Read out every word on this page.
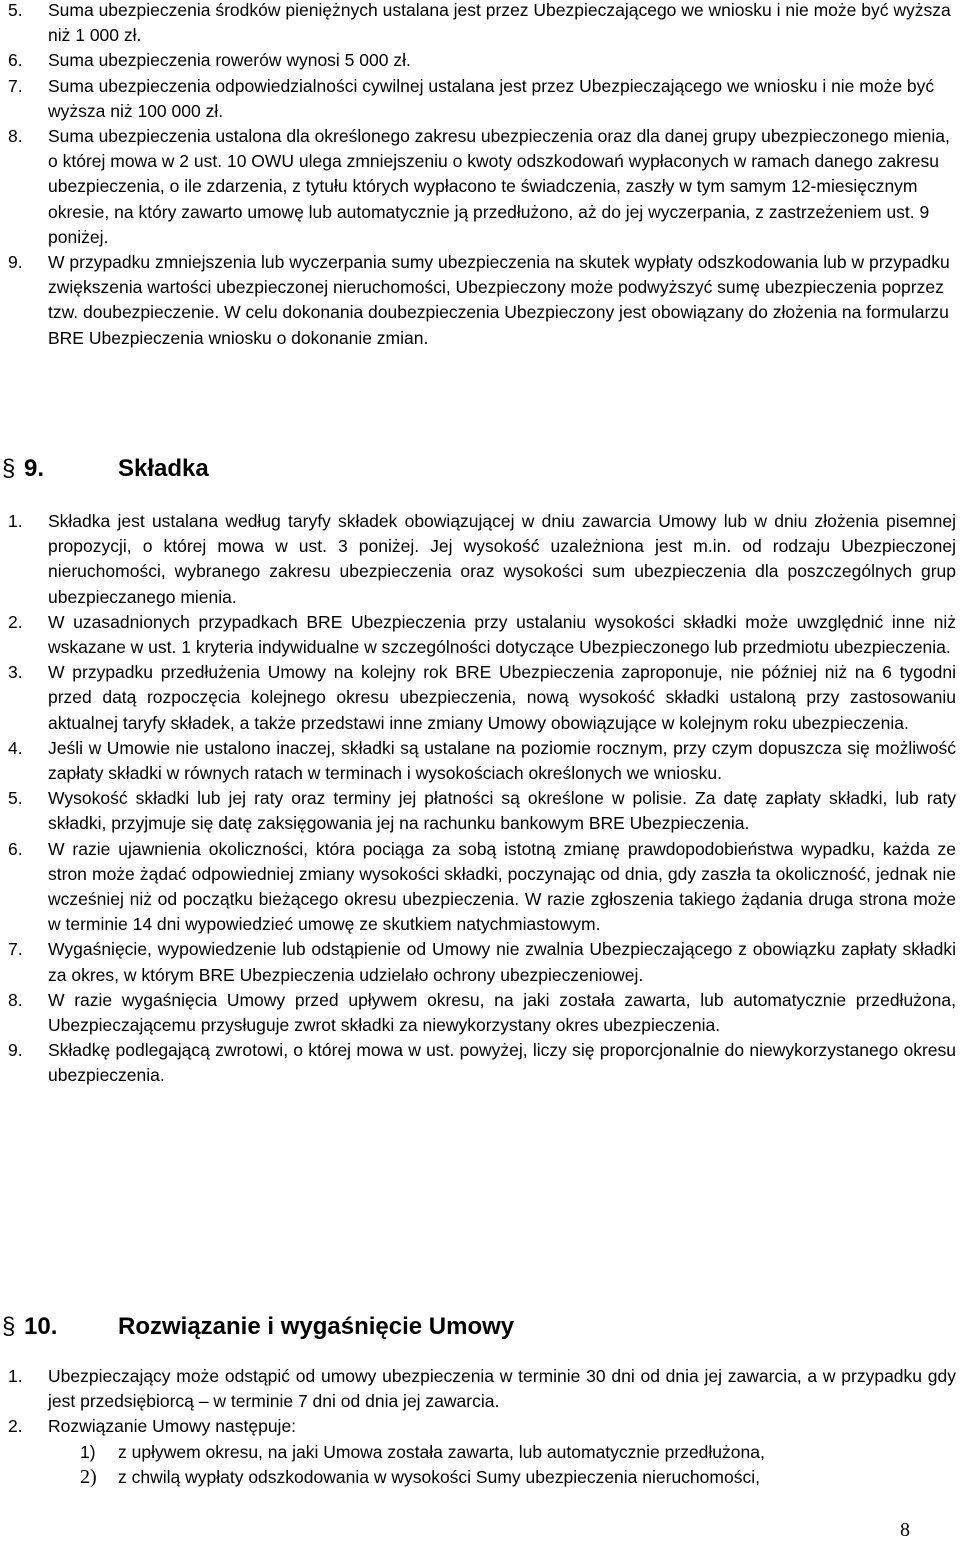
5.	Suma ubezpieczenia środków pieniężnych ustalana jest przez Ubezpieczającego we wniosku i nie może być wyższa niż 1 000 zł.
6.	Suma ubezpieczenia rowerów wynosi 5 000 zł.
7.	Suma ubezpieczenia odpowiedzialności cywilnej ustalana jest przez Ubezpieczającego we wniosku i nie może być wyższa niż 100 000 zł.
8.	Suma ubezpieczenia ustalona dla określonego zakresu ubezpieczenia oraz dla danej grupy ubezpieczonego mienia, o której mowa w 2 ust. 10 OWU ulega zmniejszeniu o kwoty odszkodowań wypłaconych w ramach danego zakresu ubezpieczenia, o ile zdarzenia, z tytułu których wypłacono te świadczenia, zaszły w tym samym 12-miesięcznym okresie, na który zawarto umowę lub automatycznie ją przedłużono, aż do jej wyczerpania, z zastrzeżeniem ust. 9 poniżej.
9.	W przypadku zmniejszenia lub wyczerpania sumy ubezpieczenia na skutek wypłaty odszkodowania lub w przypadku zwiększenia wartości ubezpieczonej nieruchomości, Ubezpieczony może podwyższyć sumę ubezpieczenia poprzez tzw. doubezpieczenie. W celu dokonania doubezpieczenia Ubezpieczony jest obowiązany do złożenia na formularzu BRE Ubezpieczenia wniosku o dokonanie zmian.
§ 9.	Składka
1.	Składka jest ustalana według taryfy składek obowiązującej w dniu zawarcia Umowy lub w dniu złożenia pisemnej propozycji, o której mowa w ust. 3 poniżej. Jej wysokość uzależniona jest m.in. od rodzaju Ubezpieczonej nieruchomości, wybranego zakresu ubezpieczenia oraz wysokości sum ubezpieczenia dla poszczególnych grup ubezpieczanego mienia.
2.	W uzasadnionych przypadkach BRE Ubezpieczenia przy ustalaniu wysokości składki może uwzględnić inne niż wskazane w ust. 1 kryteria indywidualne w szczególności dotyczące Ubezpieczonego lub przedmiotu ubezpieczenia.
3.	W przypadku przedłużenia Umowy na kolejny rok BRE Ubezpieczenia zaproponuje, nie później niż na 6 tygodni przed datą rozpoczęcia kolejnego okresu ubezpieczenia, nową wysokość składki ustaloną przy zastosowaniu aktualnej taryfy składek, a także przedstawi inne zmiany Umowy obowiązujące w kolejnym roku ubezpieczenia.
4.	Jeśli w Umowie nie ustalono inaczej, składki są ustalane na poziomie rocznym, przy czym dopuszcza się możliwość zapłaty składki w równych ratach w terminach i wysokościach określonych we wniosku.
5.	Wysokość składki lub jej raty oraz terminy jej płatności są określone w polisie. Za datę zapłaty składki, lub raty składki, przyjmuje się datę zaksięgowania jej na rachunku bankowym BRE Ubezpieczenia.
6.	W razie ujawnienia okoliczności, która pociąga za sobą istotną zmianę prawdopodobieństwa wypadku, każda ze stron może żądać odpowiedniej zmiany wysokości składki, poczynając od dnia, gdy zaszła ta okoliczność, jednak nie wcześniej niż od początku bieżącego okresu ubezpieczenia. W razie zgłoszenia takiego żądania druga strona może w terminie 14 dni wypowiedzieć umowę ze skutkiem natychmiastowym.
7.	Wygaśnięcie, wypowiedzenie lub odstąpienie od Umowy nie zwalnia Ubezpieczającego z obowiązku zapłaty składki za okres, w którym BRE Ubezpieczenia udzielało ochrony ubezpieczeniowej.
8.	W razie wygaśnięcia Umowy przed upływem okresu, na jaki została zawarta, lub automatycznie przedłużona, Ubezpieczającemu przysługuje zwrot składki za niewykorzystany okres ubezpieczenia.
9.	Składkę podlegającą zwrotowi, o której mowa w ust. powyżej, liczy się proporcjonalnie do niewykorzystanego okresu ubezpieczenia.
§ 10.	Rozwiązanie i wygaśnięcie Umowy
1.	Ubezpieczający może odstąpić od umowy ubezpieczenia w terminie 30 dni od dnia jej zawarcia, a w przypadku gdy jest przedsiębiorcą – w terminie 7 dni od dnia jej zawarcia.
2.	Rozwiązanie Umowy następuje:
1)	z upływem okresu, na jaki Umowa została zawarta, lub automatycznie przedłużona,
2)	z chwilą wypłaty odszkodowania w wysokości Sumy ubezpieczenia nieruchomości,
8
